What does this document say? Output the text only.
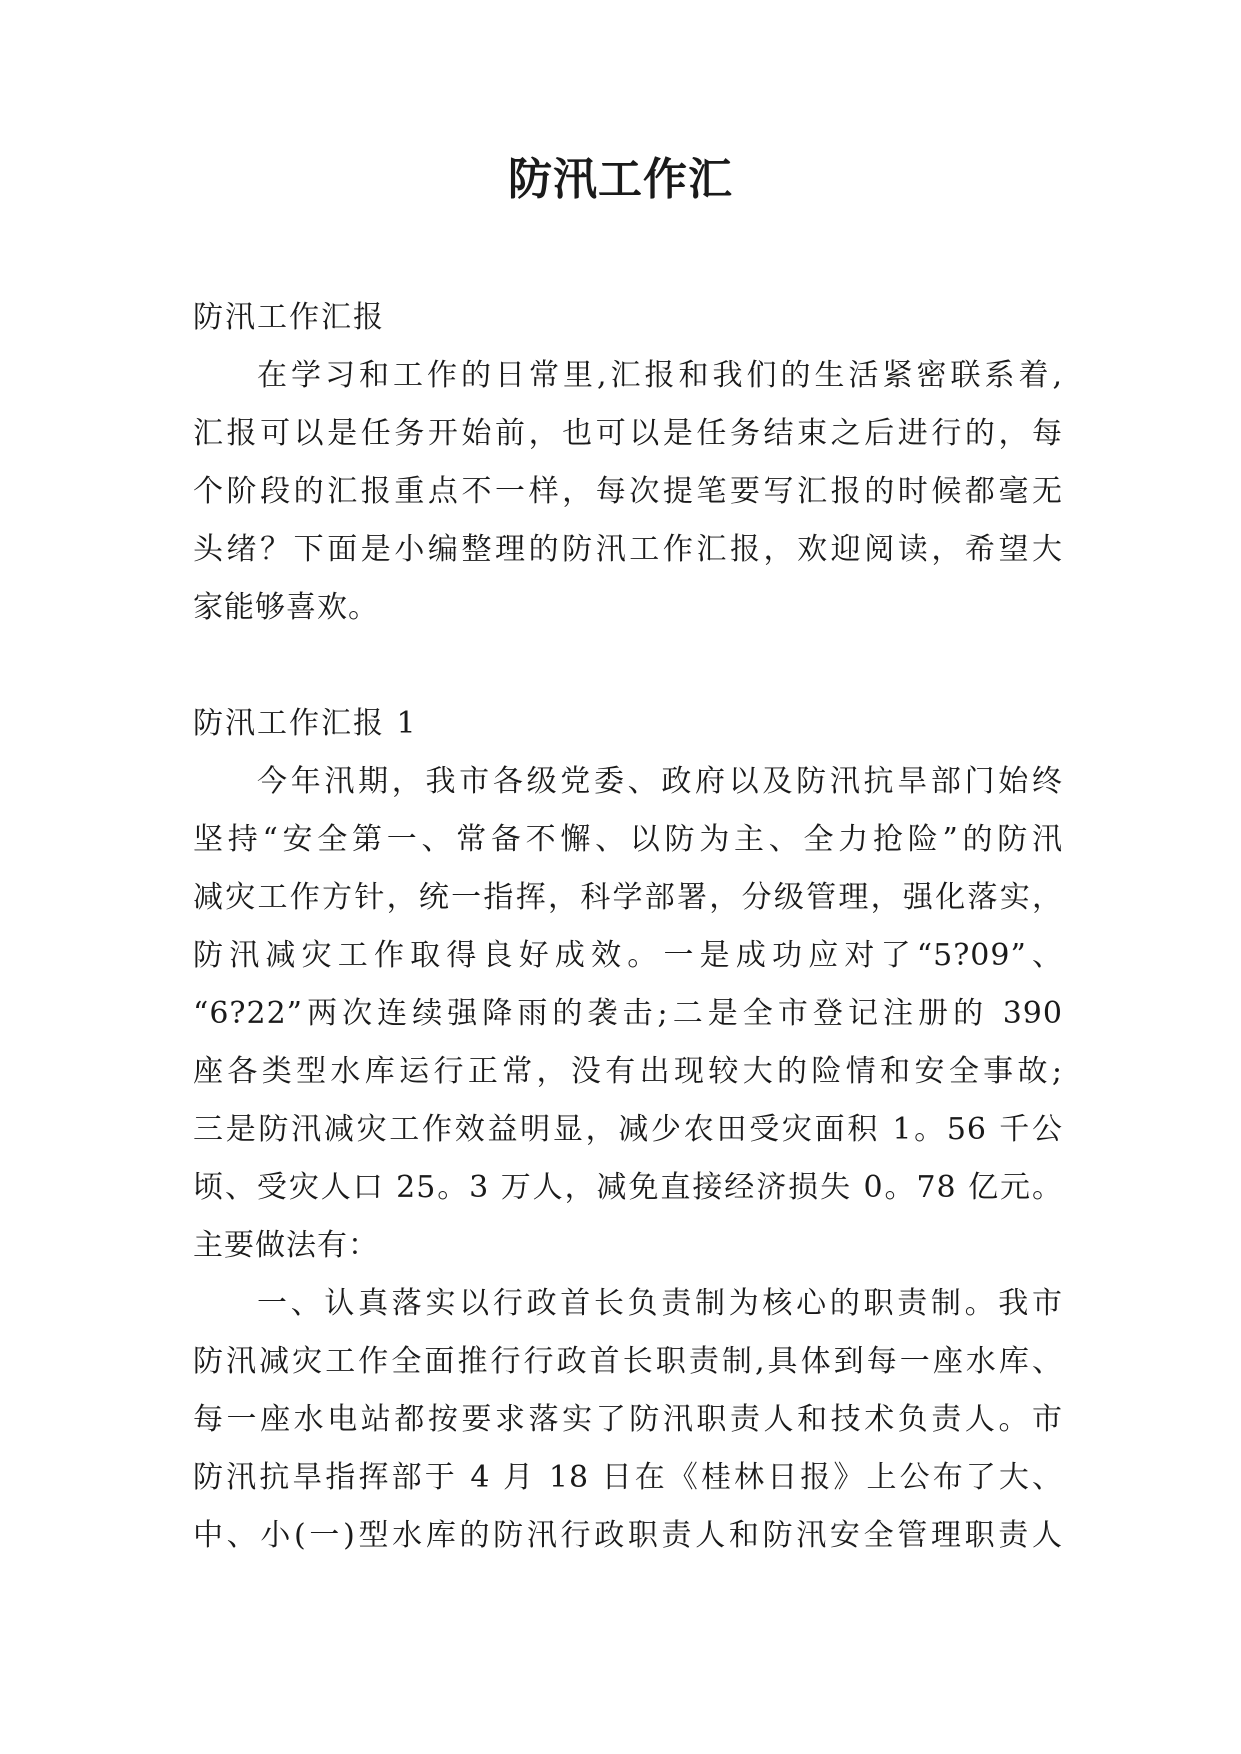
防汛工作汇
防汛工作汇报
在学习和工作的日常里,汇报和我们的生活紧密联系着,
汇报可以是任务开始前，也可以是任务结束之后进行的，每
个阶段的汇报重点不一样，每次提笔要写汇报的时候都毫无
头绪？下面是小编整理的防汛工作汇报，欢迎阅读，希望大
家能够喜欢。
防汛工作汇报 1
今年汛期，我市各级党委、政府以及防汛抗旱部门始终
坚持“安全第一、常备不懈、以防为主、全力抢险”的防汛
减灾工作方针，统一指挥，科学部署，分级管理，强化落实，
防汛减灾工作取得良好成效。一是成功应对了“5?09”、
“6?22”两次连续强降雨的袭击;二是全市登记注册的 390
座各类型水库运行正常，没有出现较大的险情和安全事故;
三是防汛减灾工作效益明显，减少农田受灾面积 1。56 千公
顷、受灾人口 25。3 万人，减免直接经济损失 0。78 亿元。
主要做法有：
一、认真落实以行政首长负责制为核心的职责制。我市
防汛减灾工作全面推行行政首长职责制,具体到每一座水库、
每一座水电站都按要求落实了防汛职责人和技术负责人。市
防汛抗旱指挥部于 4 月 18 日在《桂林日报》上公布了大、
中、小(一)型水库的防汛行政职责人和防汛安全管理职责人
